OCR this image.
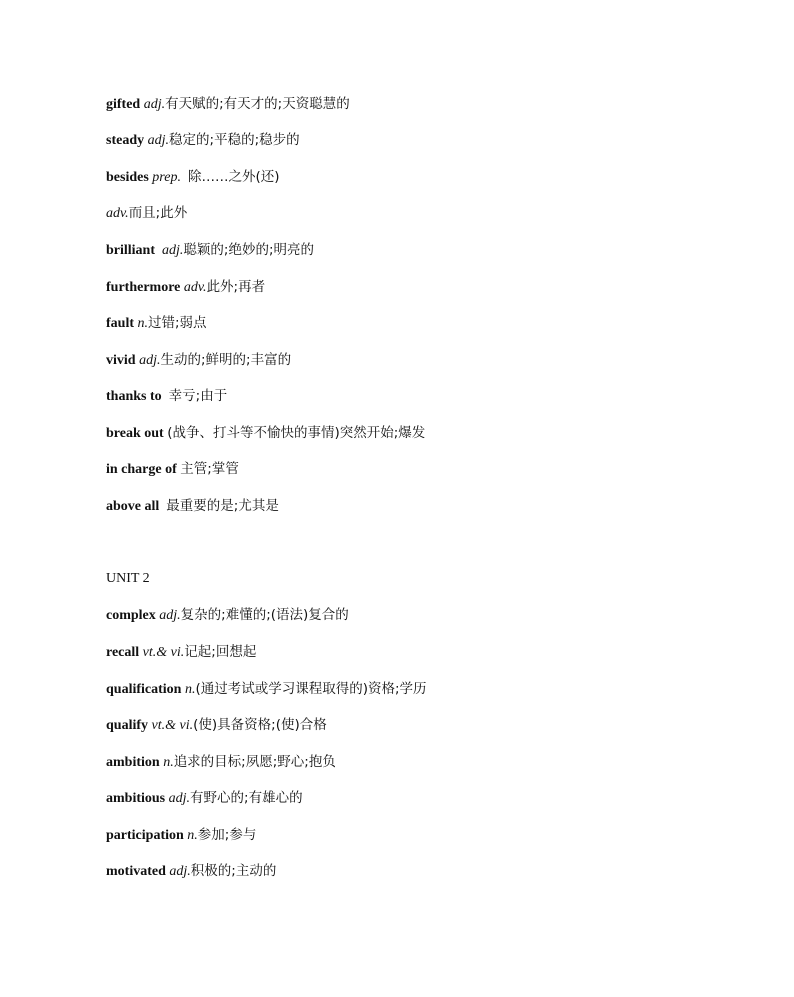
gifted adj.有天赋的;有天才的;天资聪慧的
steady adj.稳定的;平稳的;稳步的
besides prep. 除……之外(还)
adv.而且;此外
brilliant adj.聪颖的;绝妙的;明亮的
furthermore adv.此外;再者
fault n.过错;弱点
vivid adj.生动的;鲜明的;丰富的
thanks to 幸亏;由于
break out (战争、打斗等不愉快的事情)突然开始;爆发
in charge of 主管;掌管
above all 最重要的是;尤其是
UNIT 2
complex adj.复杂的;难懂的;(语法)复合的
recall vt.& vi.记起;回想起
qualification n.(通过考试或学习课程取得的)资格;学历
qualify vt.& vi.(使)具备资格;(使)合格
ambition n.追求的目标;夙愿;野心;抱负
ambitious adj.有野心的;有雄心的
participation n.参加;参与
motivated adj.积极的;主动的
